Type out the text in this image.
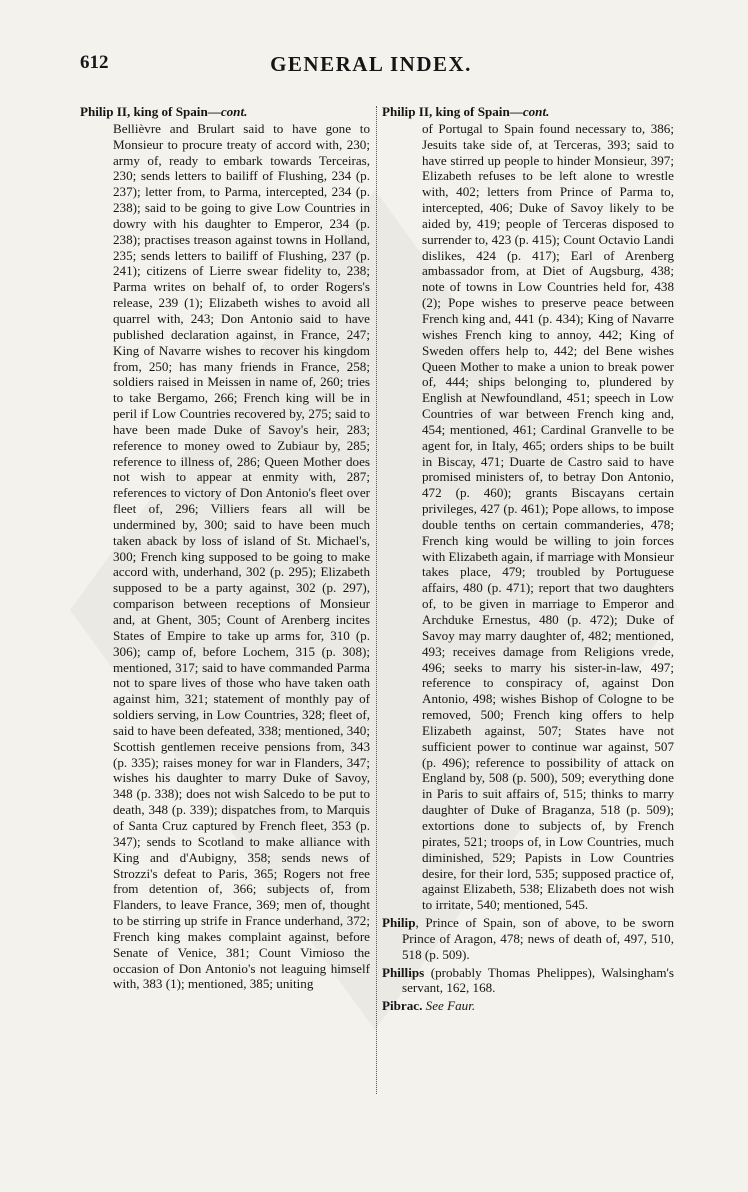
612	GENERAL INDEX.
Philip II, king of Spain—cont.
Bellièvre and Brulart said to have gone to Monsieur to procure treaty of accord with, 230; army of, ready to embark towards Terceiras, 230; sends letters to bailiff of Flushing, 234 (p. 237); letter from, to Parma, intercepted, 234 (p. 238); said to be going to give Low Countries in dowry with his daughter to Emperor, 234 (p. 238); practises treason against towns in Holland, 235; sends letters to bailiff of Flushing, 237 (p. 241); citizens of Lierre swear fidelity to, 238; Parma writes on behalf of, to order Rogers's release, 239 (1); Elizabeth wishes to avoid all quarrel with, 243; Don Antonio said to have published declaration against, in France, 247; King of Navarre wishes to recover his kingdom from, 250; has many friends in France, 258; soldiers raised in Meissen in name of, 260; tries to take Bergamo, 266; French king will be in peril if Low Countries recovered by, 275; said to have been made Duke of Savoy's heir, 283; reference to money owed to Zubiaur by, 285; reference to illness of, 286; Queen Mother does not wish to appear at enmity with, 287; references to victory of Don Antonio's fleet over fleet of, 296; Villiers fears all will be undermined by, 300; said to have been much taken aback by loss of island of St. Michael's, 300; French king supposed to be going to make accord with, underhand, 302 (p. 295); Elizabeth supposed to be a party against, 302 (p. 297), comparison between receptions of Monsieur and, at Ghent, 305; Count of Arenberg incites States of Empire to take up arms for, 310 (p. 306); camp of, before Lochem, 315 (p. 308); mentioned, 317; said to have commanded Parma not to spare lives of those who have taken oath against him, 321; statement of monthly pay of soldiers serving, in Low Countries, 328; fleet of, said to have been defeated, 338; mentioned, 340; Scottish gentlemen receive pensions from, 343 (p. 335); raises money for war in Flanders, 347; wishes his daughter to marry Duke of Savoy, 348 (p. 338); does not wish Salcedo to be put to death, 348 (p. 339); dispatches from, to Marquis of Santa Cruz captured by French fleet, 353 (p. 347); sends to Scotland to make alliance with King and d'Aubigny, 358; sends news of Strozzi's defeat to Paris, 365; Rogers not free from detention of, 366; subjects of, from Flanders, to leave France, 369; men of, thought to be stirring up strife in France underhand, 372; French king makes complaint against, before Senate of Venice, 381; Count Vimioso the occasion of Don Antonio's not leaguing himself with, 383 (1); mentioned, 385; uniting
Philip II, king of Spain—cont.
of Portugal to Spain found necessary to, 386; Jesuits take side of, at Terceras, 393; said to have stirred up people to hinder Monsieur, 397; Elizabeth refuses to be left alone to wrestle with, 402; letters from Prince of Parma to, intercepted, 406; Duke of Savoy likely to be aided by, 419; people of Terceras disposed to surrender to, 423 (p. 415); Count Octavio Landi dislikes, 424 (p. 417); Earl of Arenberg ambassador from, at Diet of Augsburg, 438; note of towns in Low Countries held for, 438 (2); Pope wishes to preserve peace between French king and, 441 (p. 434); King of Navarre wishes French king to annoy, 442; King of Sweden offers help to, 442; del Bene wishes Queen Mother to make a union to break power of, 444; ships belonging to, plundered by English at Newfoundland, 451; speech in Low Countries of war between French king and, 454; mentioned, 461; Cardinal Granvelle to be agent for, in Italy, 465; orders ships to be built in Biscay, 471; Duarte de Castro said to have promised ministers of, to betray Don Antonio, 472 (p. 460); grants Biscayans certain privileges, 427 (p. 461); Pope allows, to impose double tenths on certain commanderies, 478; French king would be willing to join forces with Elizabeth again, if marriage with Monsieur takes place, 479; troubled by Portuguese affairs, 480 (p. 471); report that two daughters of, to be given in marriage to Emperor and Archduke Ernestus, 480 (p. 472); Duke of Savoy may marry daughter of, 482; mentioned, 493; receives damage from Religions vrede, 496; seeks to marry his sister-in-law, 497; reference to conspiracy of, against Don Antonio, 498; wishes Bishop of Cologne to be removed, 500; French king offers to help Elizabeth against, 507; States have not sufficient power to continue war against, 507 (p. 496); reference to possibility of attack on England by, 508 (p. 500), 509; everything done in Paris to suit affairs of, 515; thinks to marry daughter of Duke of Braganza, 518 (p. 509); extortions done to subjects of, by French pirates, 521; troops of, in Low Countries, much diminished, 529; Papists in Low Countries desire, for their lord, 535; supposed practice of, against Elizabeth, 538; Elizabeth does not wish to irritate, 540; mentioned, 545.
Philip, Prince of Spain, son of above, to be sworn Prince of Aragon, 478; news of death of, 497, 510, 518 (p. 509).
Phillips (probably Thomas Phelippes), Walsingham's servant, 162, 168.
Pibrac. See Faur.
